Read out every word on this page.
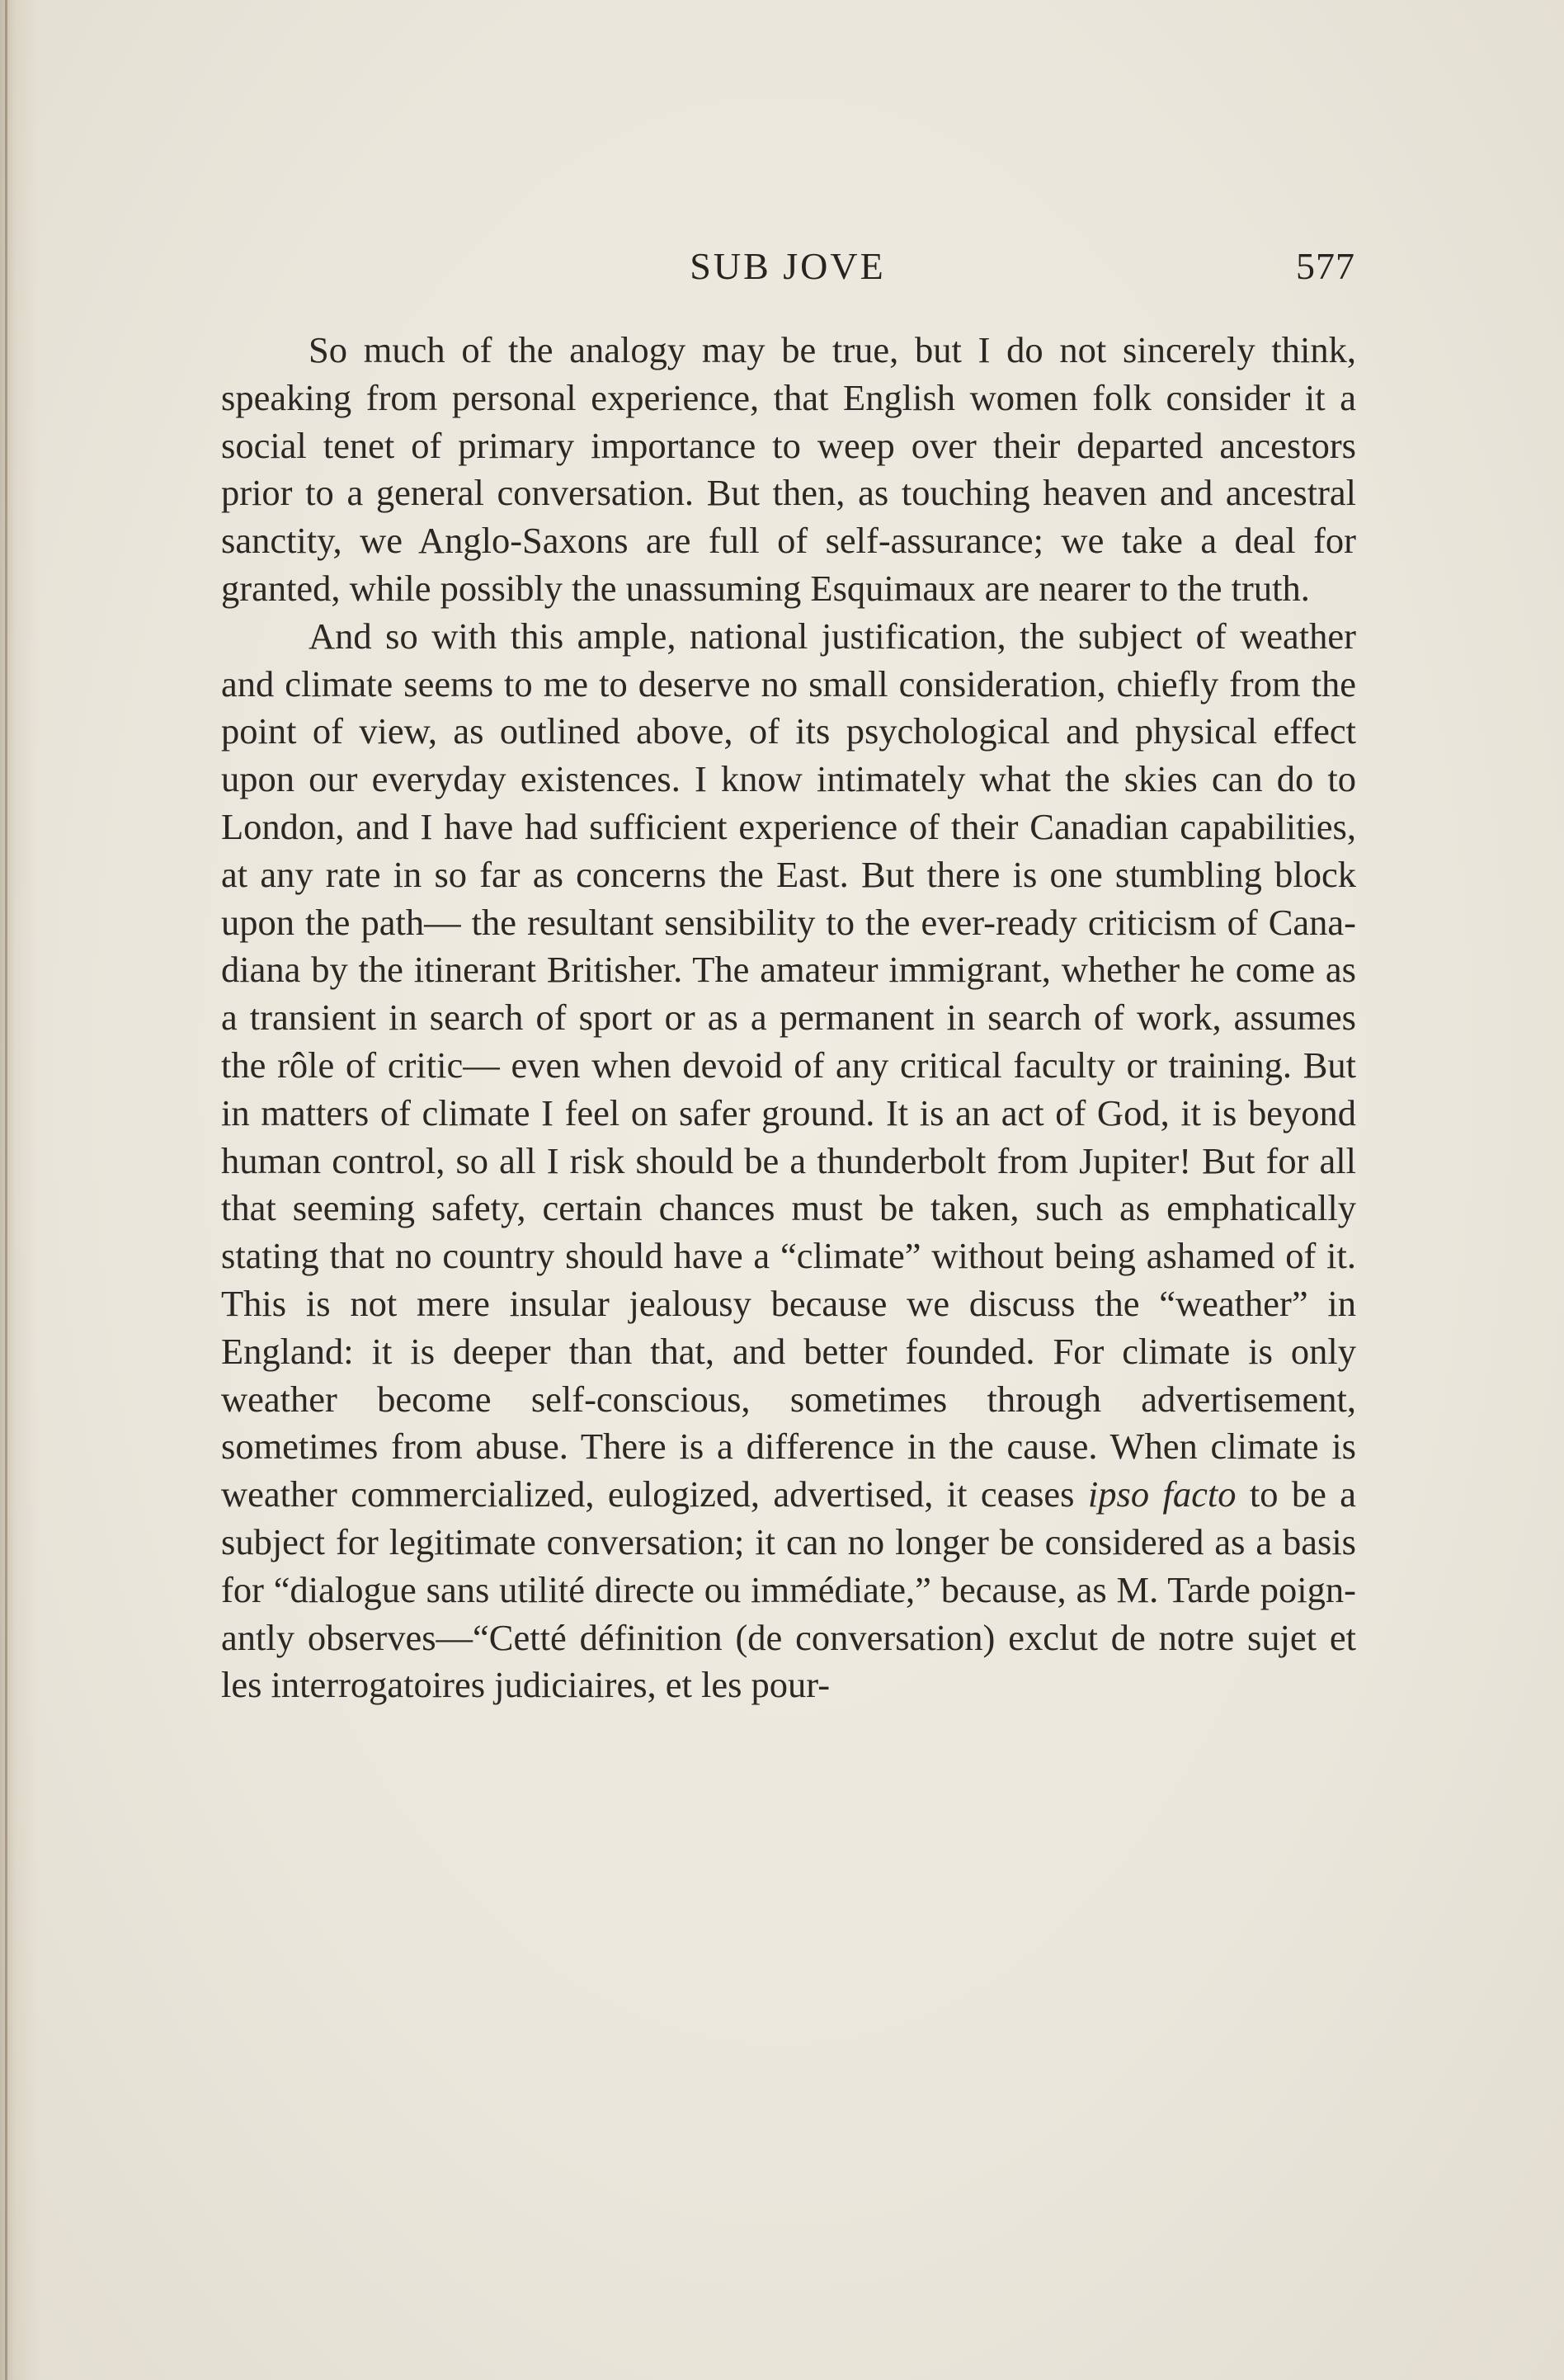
SUB JOVE	577

So much of the analogy may be true, but I do not sincerely think, speaking from personal experience, that English women folk consider it a social tenet of primary importance to weep over their departed ancestors prior to a general conversation. But then, as touching heaven and ancestral sanctity, we Anglo-Saxons are full of self-assurance; we take a deal for granted, while possibly the unassuming Esquimaux are nearer to the truth.

And so with this ample, national justification, the subject of weather and climate seems to me to deserve no small consideration, chiefly from the point of view, as outlined above, of its psychological and physical effect upon our everyday existences. I know intimately what the skies can do to London, and I have had sufficient experience of their Canadian capabilities, at any rate in so far as concerns the East. But there is one stumbling block upon the path— the resultant sensibility to the ever-ready criticism of Cana-diana by the itinerant Britisher. The amateur immigrant, whether he come as a transient in search of sport or as a permanent in search of work, assumes the rôle of critic— even when devoid of any critical faculty or training. But in matters of climate I feel on safer ground. It is an act of God, it is beyond human control, so all I risk should be a thunderbolt from Jupiter! But for all that seeming safety, certain chances must be taken, such as emphatically stating that no country should have a “climate” without being ashamed of it. This is not mere insular jealousy because we discuss the “weather” in England: it is deeper than that, and better founded. For climate is only weather become self-conscious, sometimes through advertisement, sometimes from abuse. There is a difference in the cause. When climate is weather commercialized, eulogized, advertised, it ceases ipso facto to be a subject for legitimate conversation; it can no longer be considered as a basis for “dialogue sans utilité directe ou immédiate,” because, as M. Tarde poign-antly observes—“Cetté définition (de conversation) exclut de notre sujet et les interrogatoires judiciaires, et les pour-
